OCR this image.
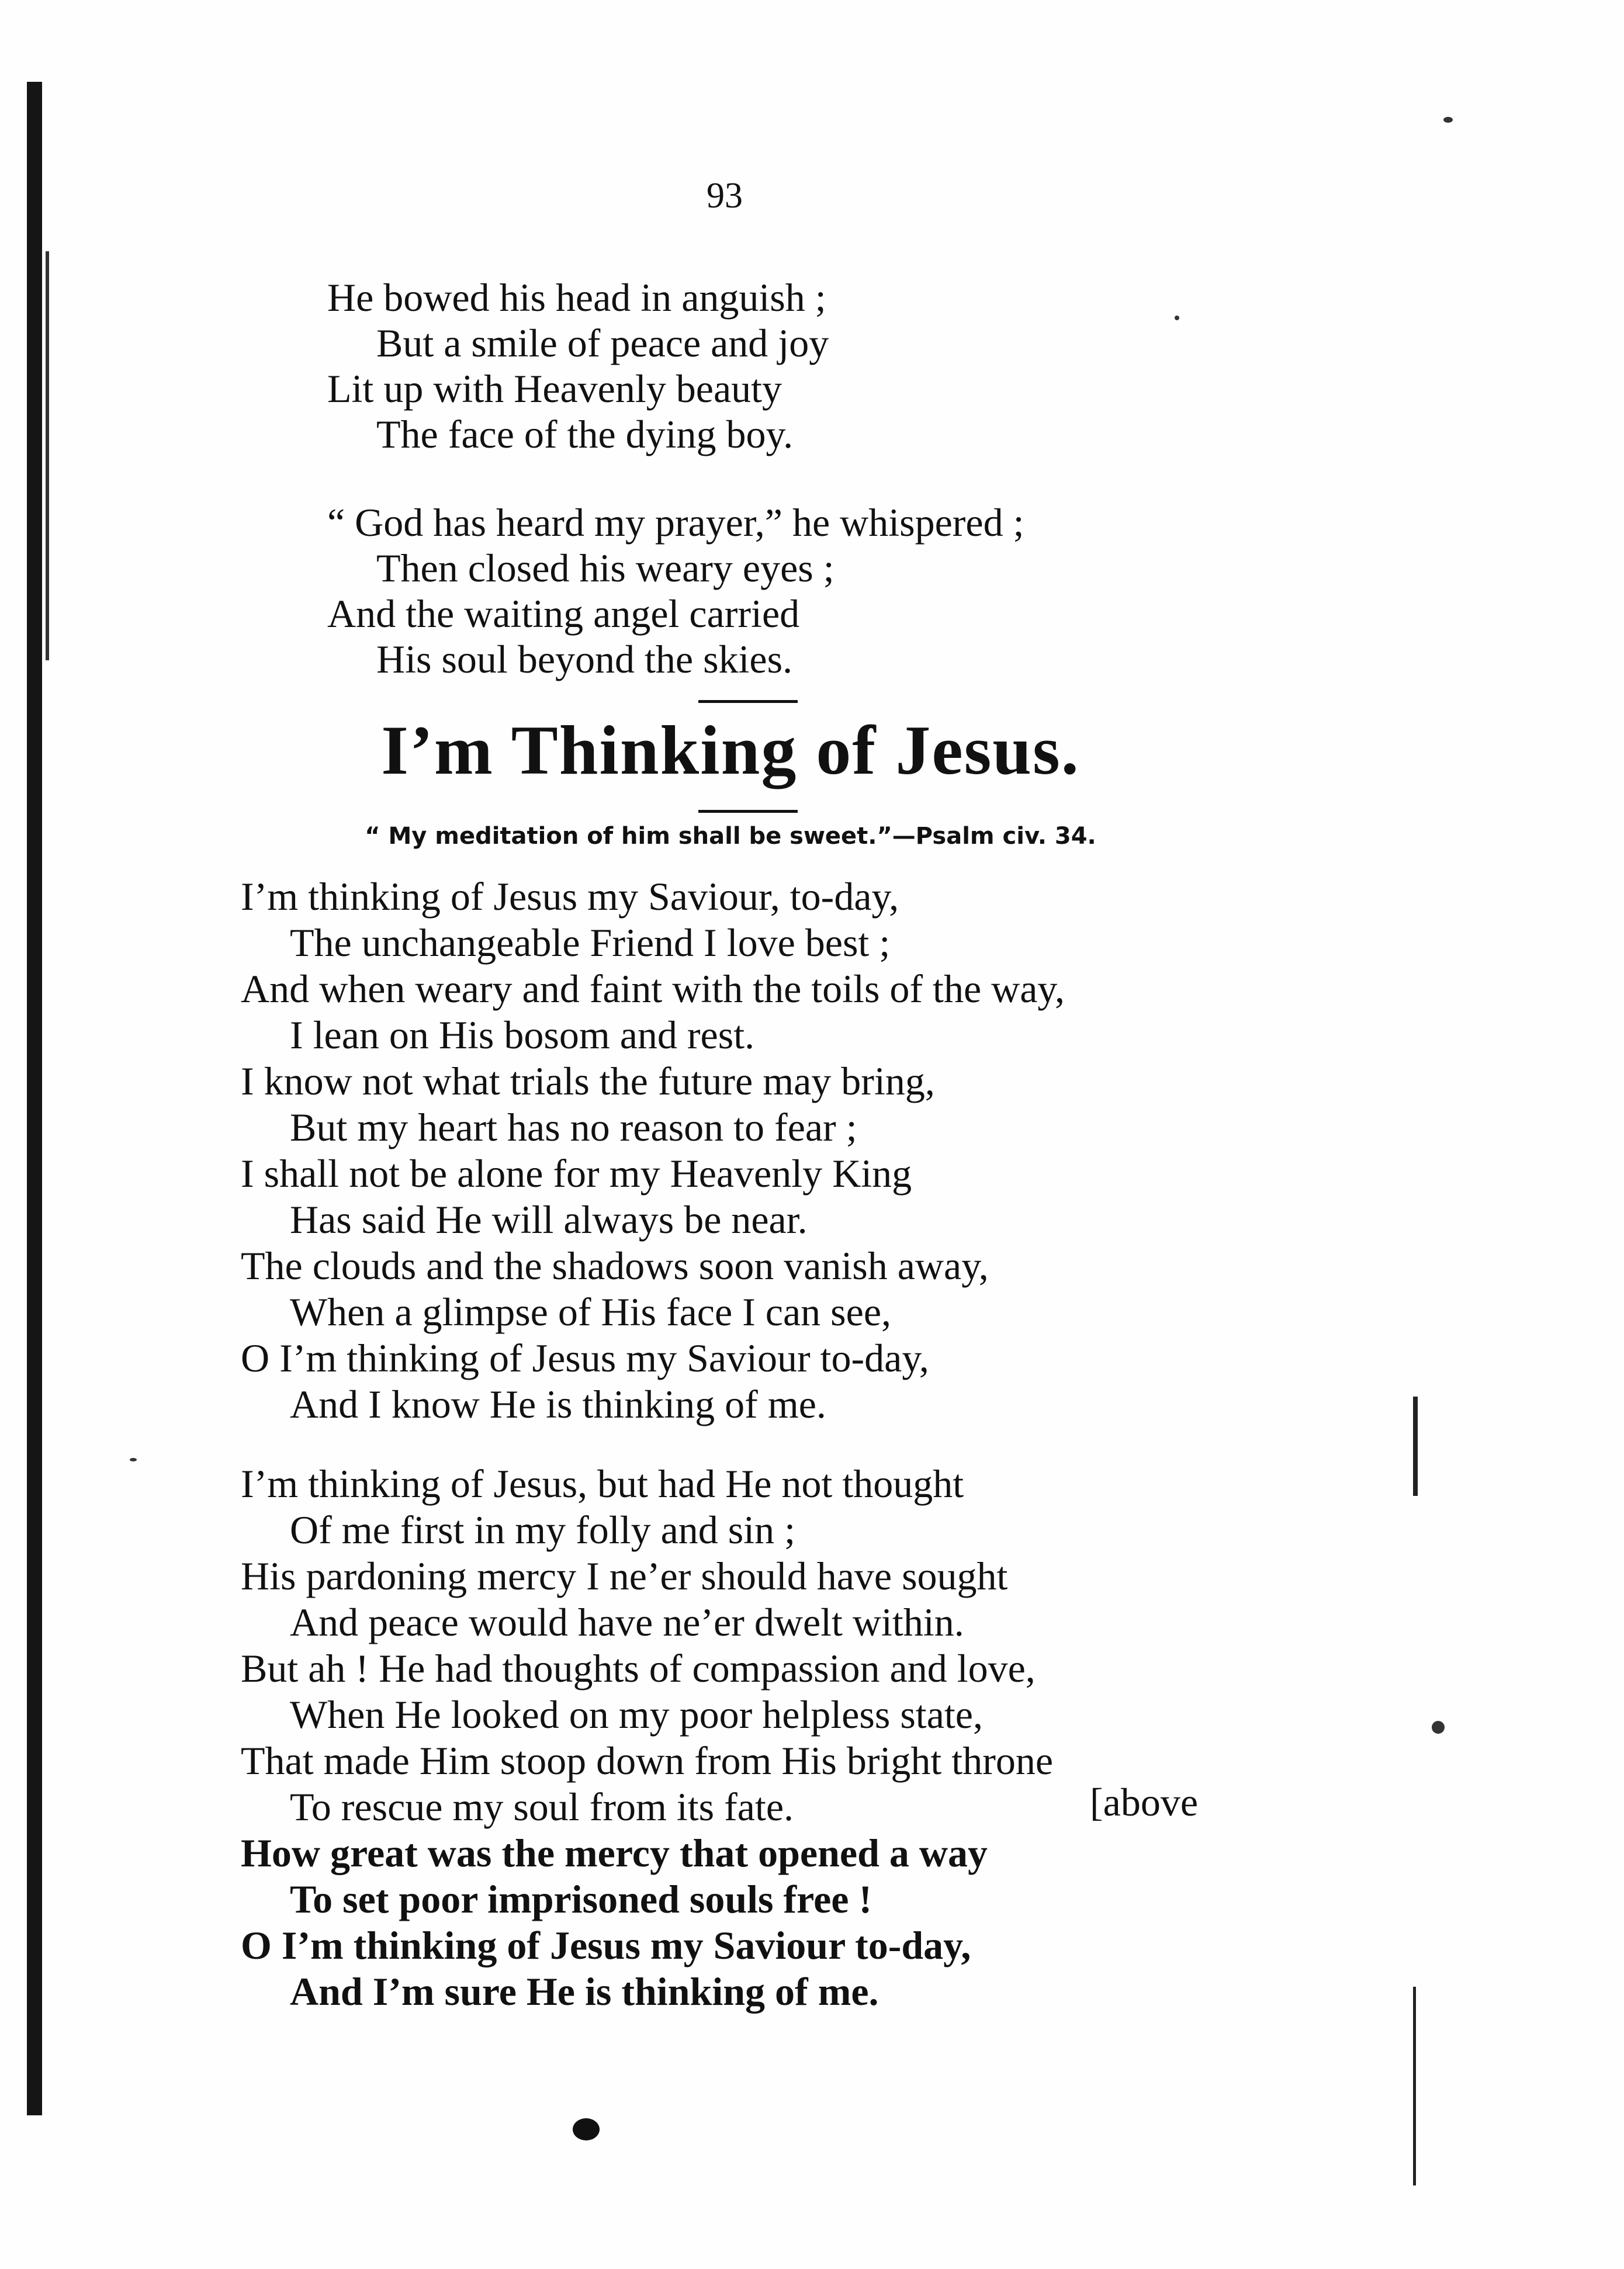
93
He bowed his head in anguish ;
But a smile of peace and joy
Lit up with Heavenly beauty
The face of the dying boy.
“ God has heard my prayer,” he whispered ;
Then closed his weary eyes ;
And the waiting angel carried
His soul beyond the skies.
I’m Thinking of Jesus.
“ My meditation of him shall be sweet.”—Psalm civ. 34.
I’m thinking of Jesus my Saviour, to-day,
The unchangeable Friend I love best ;
And when weary and faint with the toils of the way,
I lean on His bosom and rest.
I know not what trials the future may bring,
But my heart has no reason to fear ;
I shall not be alone for my Heavenly King
Has said He will always be near.
The clouds and the shadows soon vanish away,
When a glimpse of His face I can see,
O I’m thinking of Jesus my Saviour to-day,
And I know He is thinking of me.
I’m thinking of Jesus, but had He not thought
Of me first in my folly and sin ;
His pardoning mercy I ne’er should have sought
And peace would have ne’er dwelt within.
But ah ! He had thoughts of compassion and love,
When He looked on my poor helpless state,
That made Him stoop down from His bright throne
To rescue my soul from its fate.
How great was the mercy that opened a way
To set poor imprisoned souls free !
O I’m thinking of Jesus my Saviour to-day,
And I’m sure He is thinking of me.
[above
